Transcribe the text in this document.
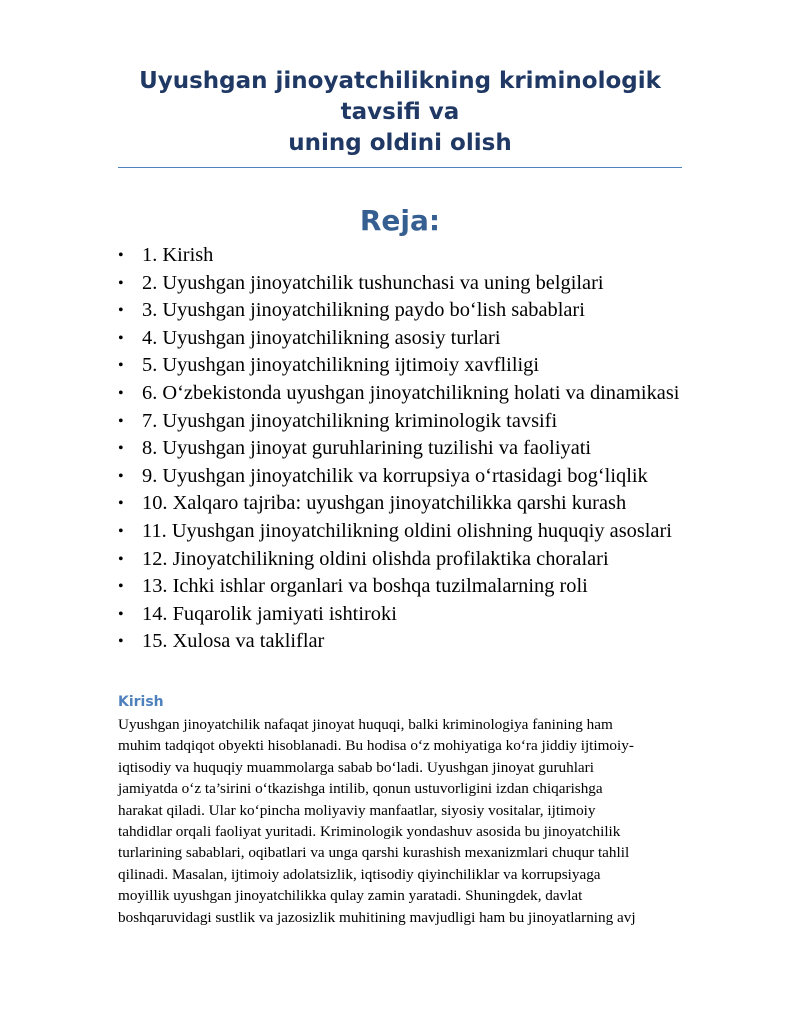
Uyushgan jinoyatchilikning kriminologik tavsifi va
uning oldini olish
Reja:
• 1. Kirish
• 2. Uyushgan jinoyatchilik tushunchasi va uning belgilari
• 3. Uyushgan jinoyatchilikning paydo bo‘lish sabablari
• 4. Uyushgan jinoyatchilikning asosiy turlari
• 5. Uyushgan jinoyatchilikning ijtimoiy xavfliligi
• 6. O‘zbekistonda uyushgan jinoyatchilikning holati va dinamikasi
• 7. Uyushgan jinoyatchilikning kriminologik tavsifi
• 8. Uyushgan jinoyat guruhlarining tuzilishi va faoliyati
• 9. Uyushgan jinoyatchilik va korrupsiya o‘rtasidagi bog‘liqlik
• 10. Xalqaro tajriba: uyushgan jinoyatchilikka qarshi kurash
• 11. Uyushgan jinoyatchilikning oldini olishning huquqiy asoslari
• 12. Jinoyatchilikning oldini olishda profilaktika choralari
• 13. Ichki ishlar organlari va boshqa tuzilmalarning roli
• 14. Fuqarolik jamiyati ishtiroki
• 15. Xulosa va takliflar
Kirish

Uyushgan jinoyatchilik nafaqat jinoyat huquqi, balki kriminologiya fanining ham
muhim tadqiqot obyekti hisoblanadi. Bu hodisa o‘z mohiyatiga ko‘ra jiddiy ijtimoiy-
iqtisodiy va huquqiy muammolarga sabab bo‘ladi. Uyushgan jinoyat guruhlari
jamiyatda o‘z ta’sirini o‘tkazishga intilib, qonun ustuvorligini izdan chiqarishga
harakat qiladi. Ular ko‘pincha moliyaviy manfaatlar, siyosiy vositalar, ijtimoiy
tahdidlar orqali faoliyat yuritadi. Kriminologik yondashuv asosida bu jinoyatchilik
turlarining sabablari, oqibatlari va unga qarshi kurashish mexanizmlari chuqur tahlil
qilinadi. Masalan, ijtimoiy adolatsizlik, iqtisodiy qiyinchiliklar va korrupsiyaga
moyillik uyushgan jinoyatchilikka qulay zamin yaratadi. Shuningdek, davlat
boshqaruvidagi sustlik va jazosizlik muhitining mavjudligi ham bu jinoyatlarning avj
